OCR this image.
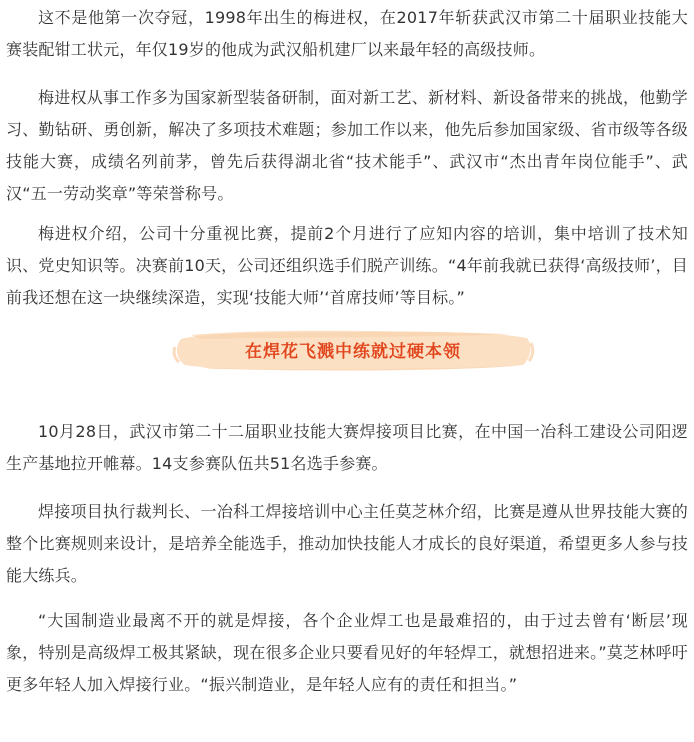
这不是他第一次夺冠，1998年出生的梅进权，在2017年斩获武汉市第二十届职业技能大赛装配钳工状元，年仅19岁的他成为武汉船机建厂以来最年轻的高级技师。

梅进权从事工作多为国家新型装备研制，面对新工艺、新材料、新设备带来的挑战，他勤学习、勤钻研、勇创新，解决了多项技术难题；参加工作以来，他先后参加国家级、省市级等各级技能大赛，成绩名列前茅，曾先后获得湖北省“技术能手”、武汉市“杰出青年岗位能手”、武汉“五一劳动奖章”等荣誉称号。

梅进权介绍，公司十分重视比赛，提前2个月进行了应知内容的培训，集中培训了技术知识、党史知识等。决赛前10天，公司还组织选手们脱产训练。“4年前我就已获得‘高级技师’，目前我还想在这一块继续深造，实现‘技能大师’‘首席技师’等目标。”

在焊花飞溅中练就过硬本领

10月28日，武汉市第二十二届职业技能大赛焊接项目比赛，在中国一冶科工建设公司阳逻生产基地拉开帷幕。14支参赛队伍共51名选手参赛。

焊接项目执行裁判长、一冶科工焊接培训中心主任莫芝林介绍，比赛是遵从世界技能大赛的整个比赛规则来设计，是培养全能选手，推动加快技能人才成长的良好渠道，希望更多人参与技能大练兵。

“大国制造业最离不开的就是焊接，各个企业焊工也是最难招的，由于过去曾有‘断层’现象，特别是高级焊工极其紧缺，现在很多企业只要看见好的年轻焊工，就想招进来。”莫芝林呼吁更多年轻人加入焊接行业。“振兴制造业，是年轻人应有的责任和担当。”
